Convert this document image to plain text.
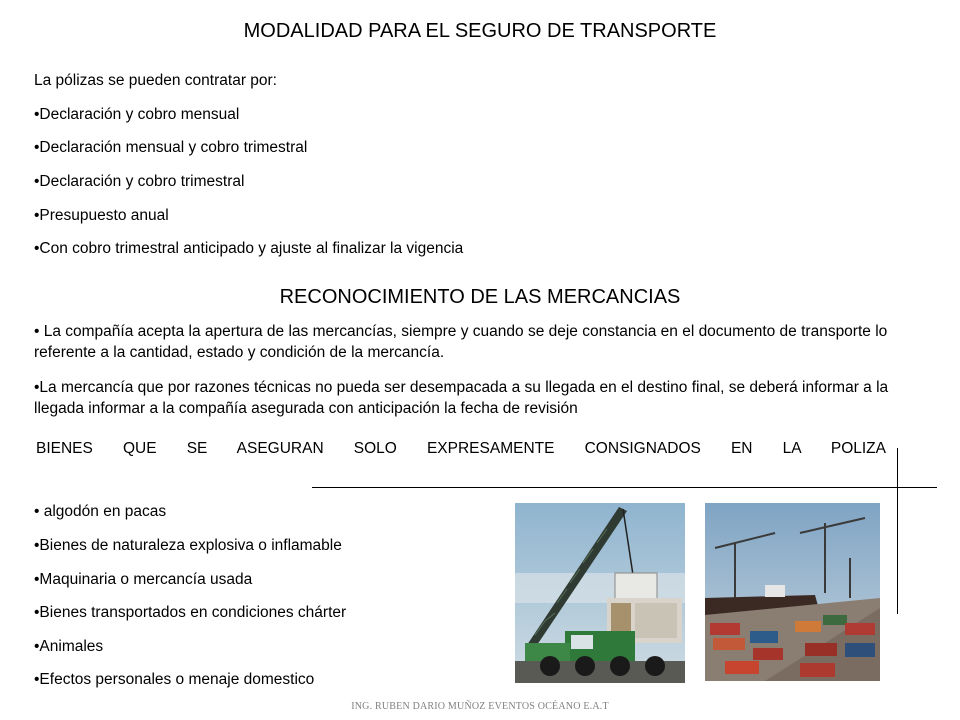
MODALIDAD PARA EL SEGURO DE TRANSPORTE
La pólizas se pueden contratar por:
•Declaración y cobro mensual
•Declaración mensual y cobro trimestral
•Declaración y cobro trimestral
•Presupuesto anual
•Con cobro trimestral anticipado y ajuste al finalizar la vigencia
RECONOCIMIENTO DE LAS MERCANCIAS
• La compañía acepta la apertura de las mercancías, siempre y cuando se deje constancia en el documento de transporte lo referente a la cantidad, estado y condición de la mercancía.
•La mercancía que por razones técnicas no pueda ser desempacada a su llegada en el destino final, se deberá informar a la llegada informar a la compañía asegurada con anticipación la fecha de revisión
BIENES QUE SE ASEGURAN SOLO EXPRESAMENTE CONSIGNADOS EN LA POLIZA
• algodón en pacas
•Bienes de naturaleza explosiva o inflamable
•Maquinaria o mercancía usada
•Bienes transportados en condiciones chárter
•Animales
•Efectos personales o menaje domestico
ING. RUBEN DARIO MUÑOZ EVENTOS OCÉANO E.A.T
